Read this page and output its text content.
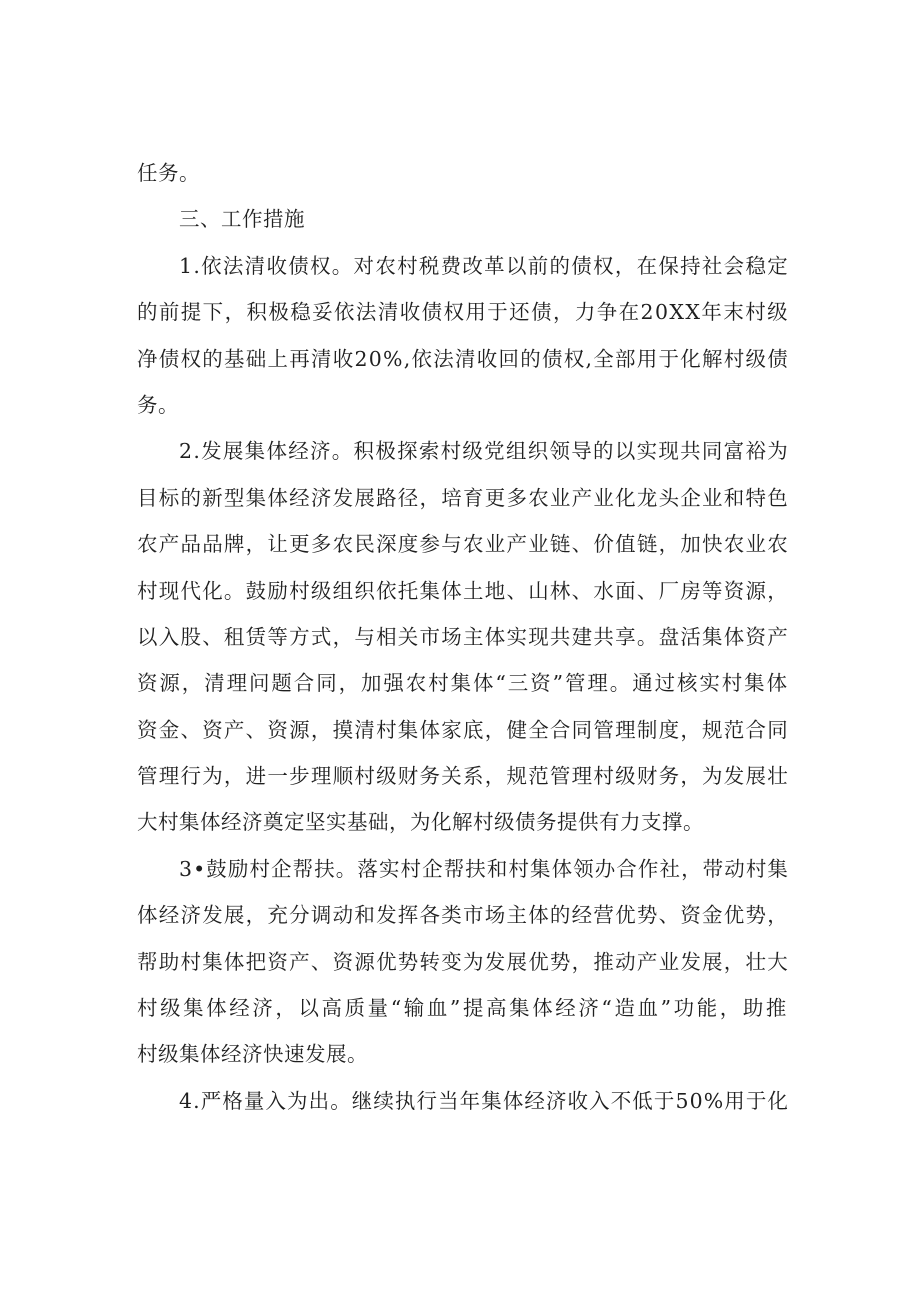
任务。
三、工作措施
1.依法清收债权。对农村税费改革以前的债权，在保持社会稳定
的前提下，积极稳妥依法清收债权用于还债，力争在20XX年末村级
净债权的基础上再清收20%,依法清收回的债权,全部用于化解村级债
务。
2.发展集体经济。积极探索村级党组织领导的以实现共同富裕为
目标的新型集体经济发展路径，培育更多农业产业化龙头企业和特色
农产品品牌，让更多农民深度参与农业产业链、价值链，加快农业农
村现代化。鼓励村级组织依托集体土地、山林、水面、厂房等资源，
以入股、租赁等方式，与相关市场主体实现共建共享。盘活集体资产
资源，清理问题合同，加强农村集体“三资”管理。通过核实村集体
资金、资产、资源，摸清村集体家底，健全合同管理制度，规范合同
管理行为，进一步理顺村级财务关系，规范管理村级财务，为发展壮
大村集体经济奠定坚实基础，为化解村级债务提供有力支撑。
3•鼓励村企帮扶。落实村企帮扶和村集体领办合作社，带动村集
体经济发展，充分调动和发挥各类市场主体的经营优势、资金优势，
帮助村集体把资产、资源优势转变为发展优势，推动产业发展，壮大
村级集体经济，以高质量“输血”提高集体经济“造血”功能，助推
村级集体经济快速发展。
4.严格量入为出。继续执行当年集体经济收入不低于50%用于化
